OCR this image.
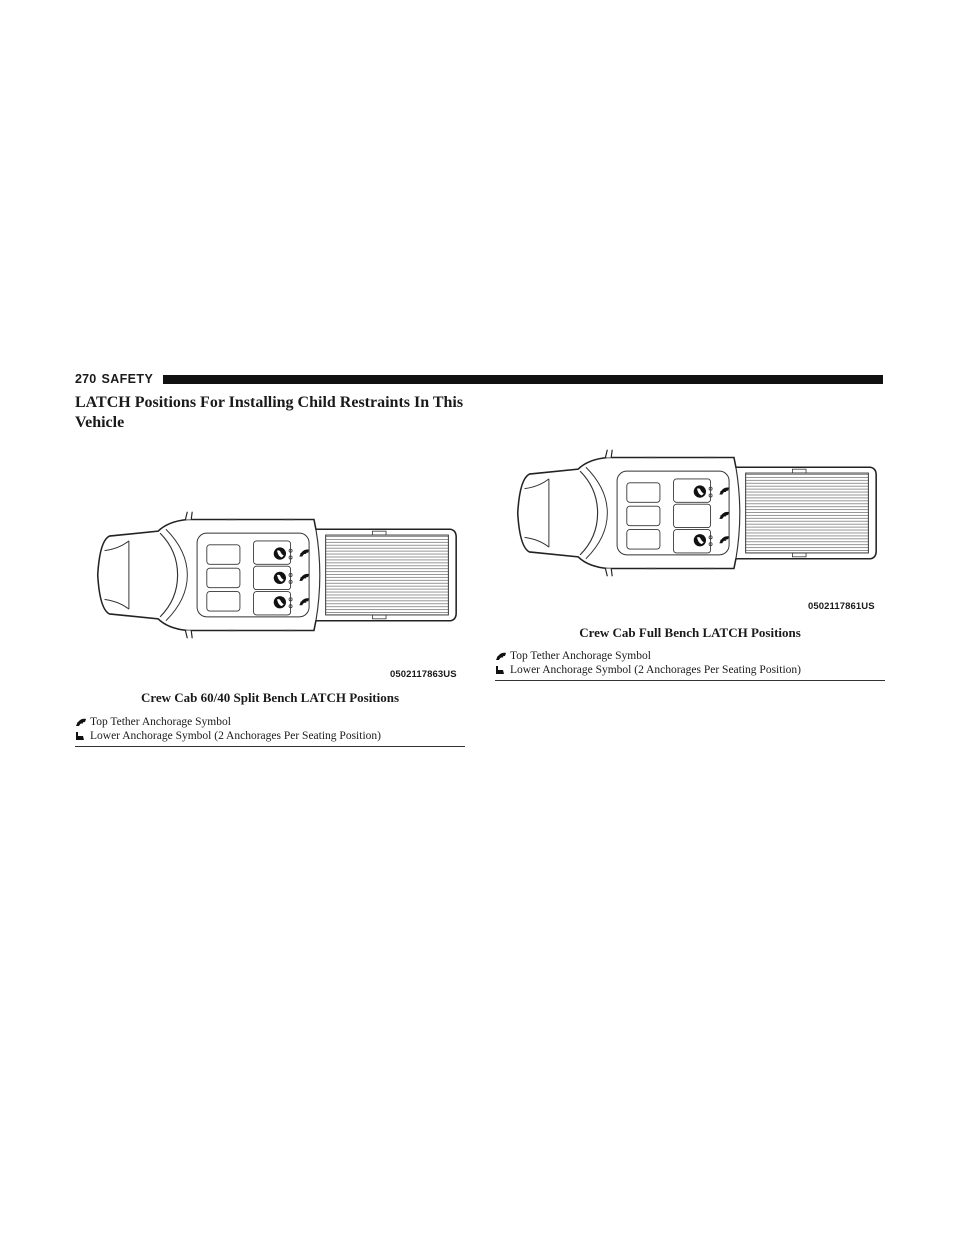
270 SAFETY
LATCH Positions For Installing Child Restraints In This Vehicle
0502117863US
Crew Cab 60/40 Split Bench LATCH Positions
Top Tether Anchorage Symbol
Lower Anchorage Symbol (2 Anchorages Per Seating Position)
0502117861US
Crew Cab Full Bench LATCH Positions
Top Tether Anchorage Symbol
Lower Anchorage Symbol (2 Anchorages Per Seating Position)
